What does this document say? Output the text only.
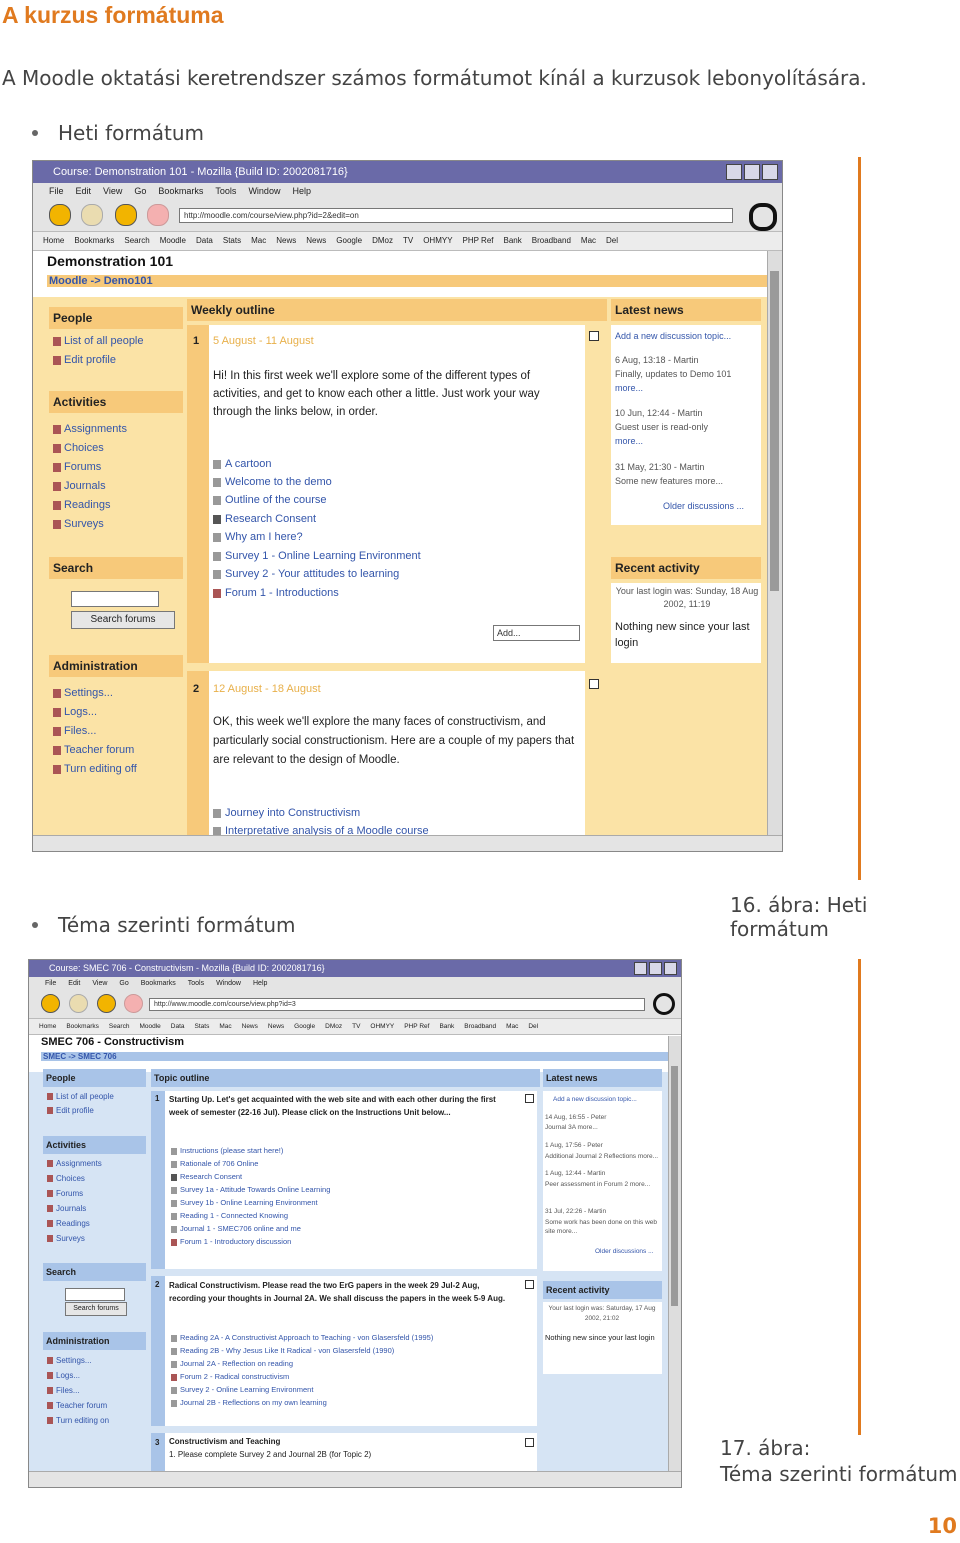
A kurzus formátuma

A Moodle oktatási keretrendszer számos formátumot kínál a kurzusok lebonyolítására.

Heti formátum

Course: Demonstration 101 - Mozilla {Build ID: 2002081716}
File Edit View Go Bookmarks Tools Window Help
http://moodle.com/course/view.php?id=2&edit=on
Home Bookmarks Search Moodle Data Stats Mac News News Google DMoz TV OHMYY PHP Ref Bank Broadband Mac Del
Demonstration 101
Moodle -> Demo101
People
List of all people
Edit profile
Activities
Assignments
Choices
Forums
Journals
Readings
Surveys
Search
Search forums
Administration
Settings...
Logs...
Files...
Teacher forum
Turn editing off
Weekly outline
1 5 August - 11 August
Hi! In this first week we'll explore some of the different types of activities, and get to know each other a little. Just work your way through the links below, in order.
A cartoon
Welcome to the demo
Outline of the course
Research Consent
Why am I here?
Survey 1 - Online Learning Environment
Survey 2 - Your attitudes to learning
Forum 1 - Introductions
Add...
2 12 August - 18 August
OK, this week we'll explore the many faces of constructivism, and particularly social constructionism. Here are a couple of my papers that are relevant to the design of Moodle.
Journey into Constructivism
Interpretative analysis of a Moodle course
Latest news
Add a new discussion topic...
6 Aug, 13:18 - Martin
Finally, updates to Demo 101
more...
10 Jun, 12:44 - Martin
Guest user is read-only
more...
31 May, 21:30 - Martin
Some new features more...
Older discussions ...
Recent activity
Your last login was: Sunday, 18 Aug 2002, 11:19
Nothing new since your last login
16. ábra: Heti formátum

Téma szerinti formátum

Course: SMEC 706 - Constructivism - Mozilla {Build ID: 2002081716}
File Edit View Go Bookmarks Tools Window Help
http://www.moodle.com/course/view.php?id=3
Home Bookmarks Search Moodle Data Stats Mac News News Google DMoz TV OHMYY PHP Ref Bank Broadband Mac Del
SMEC 706 - Constructivism
SMEC -> SMEC 706
People
List of all people
Edit profile
Activities
Assignments
Choices
Forums
Journals
Readings
Surveys
Search
Search forums
Administration
Settings...
Logs...
Files...
Teacher forum
Turn editing on
Topic outline
1 Starting Up. Let's get acquainted with the web site and with each other during the first week of semester (22-16 Jul). Please click on the Instructions Unit below...
Instructions (please start here!)
Rationale of 706 Online
Research Consent
Survey 1a - Attitude Towards Online Learning
Survey 1b - Online Learning Environment
Reading 1 - Connected Knowing
Journal 1 - SMEC706 online and me
Forum 1 - Introductory discussion
2 Radical Constructivism. Please read the two ErG papers in the week 29 Jul-2 Aug, recording your thoughts in Journal 2A. We shall discuss the papers in the week 5-9 Aug.
Reading 2A - A Constructivist Approach to Teaching - von Glasersfeld (1995)
Reading 2B - Why Jesus Like It Radical - von Glasersfeld (1990)
Journal 2A - Reflection on reading
Forum 2 - Radical constructivism
Survey 2 - Online Learning Environment
Journal 2B - Reflections on my own learning
3 Constructivism and Teaching
1. Please complete Survey 2 and Journal 2B (for Topic 2)
Latest news
Add a new discussion topic...
14 Aug, 16:55 - Peter
Journal 3A more...
1 Aug, 17:56 - Peter
Additional Journal 2 Reflections more...
1 Aug, 12:44 - Martin
Peer assessment in Forum 2 more...
31 Jul, 22:26 - Martin
Some work has been done on this web site more...
Older discussions ...
Recent activity
Your last login was: Saturday, 17 Aug 2002, 21:02
Nothing new since your last login
17. ábra:
Téma szerinti formátum
10
